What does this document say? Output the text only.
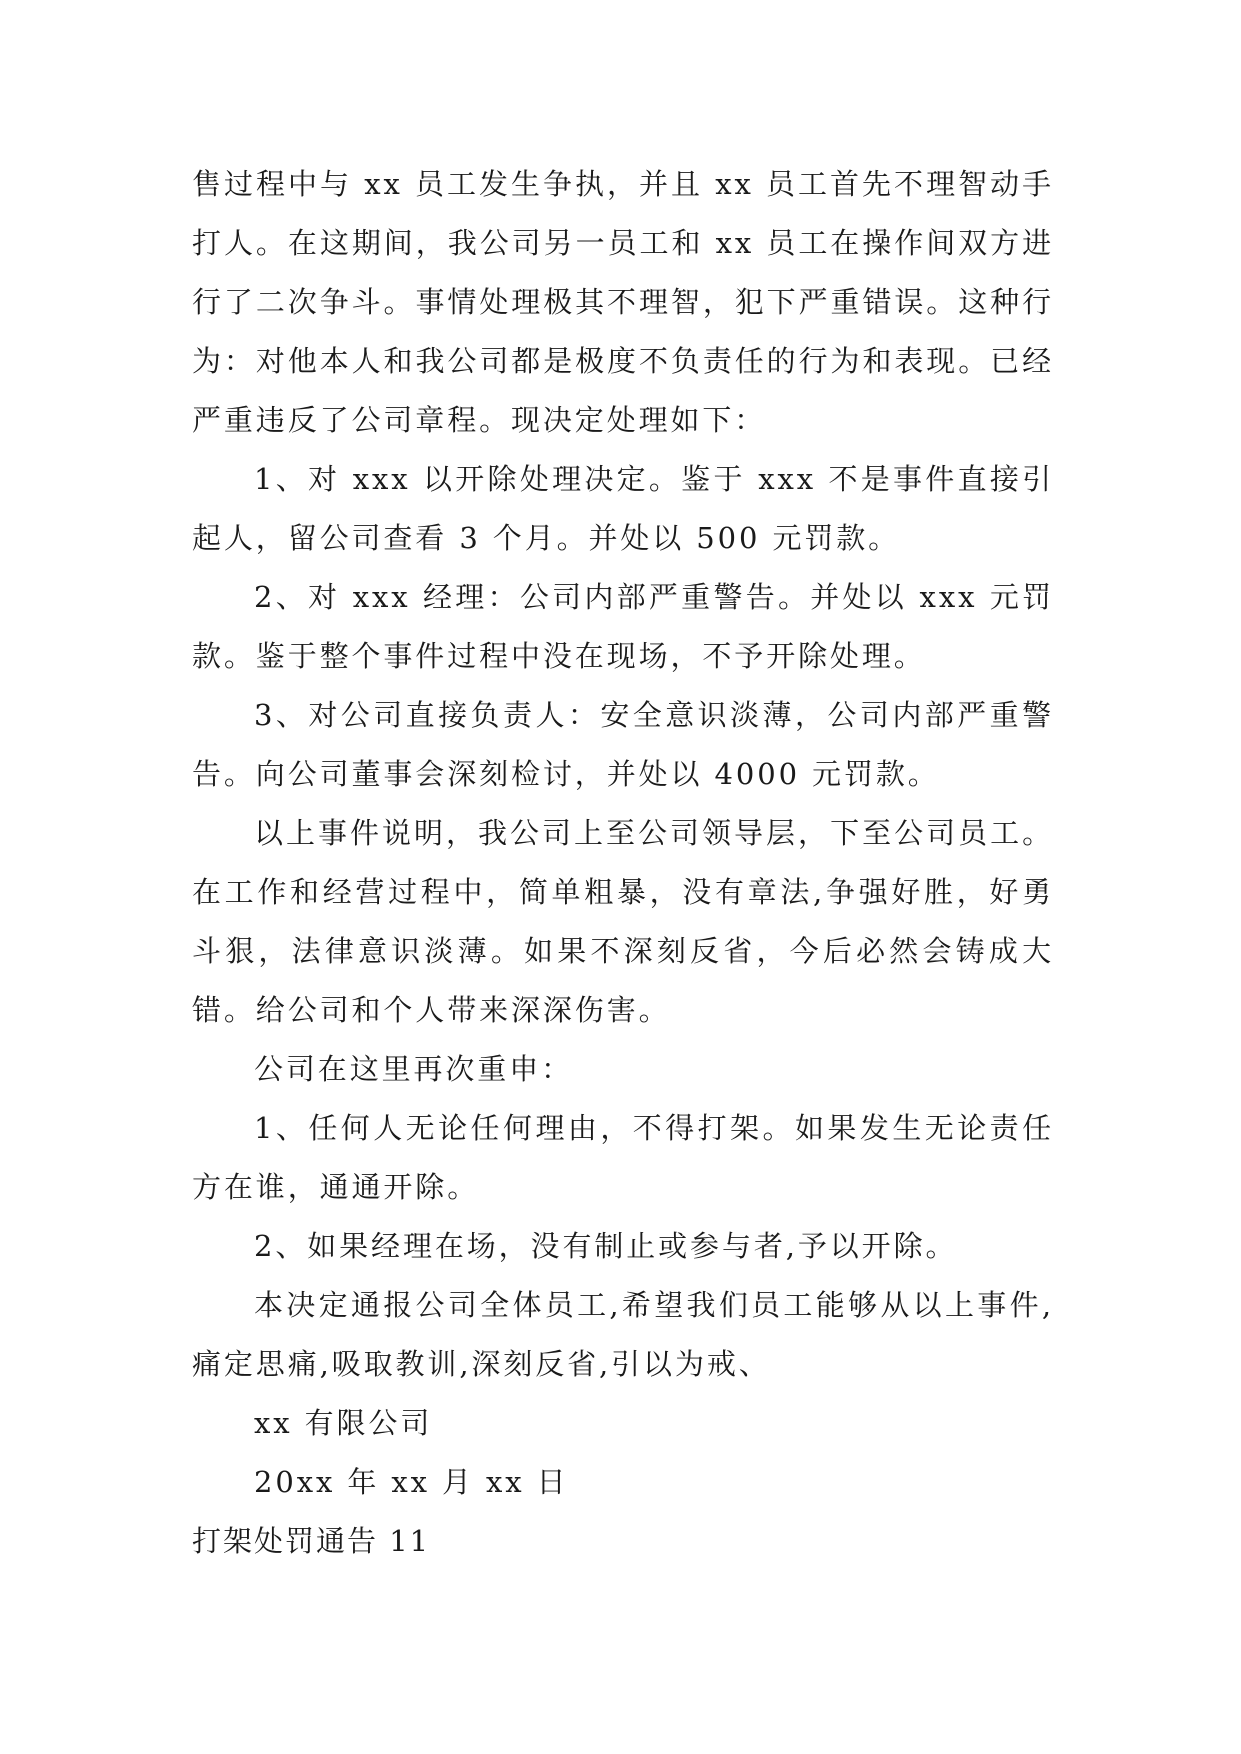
售过程中与 xx 员工发生争执，并且 xx 员工首先不理智动手打人。在这期间，我公司另一员工和 xx 员工在操作间双方进行了二次争斗。事情处理极其不理智，犯下严重错误。这种行为：对他本人和我公司都是极度不负责任的行为和表现。已经严重违反了公司章程。现决定处理如下：

1、对 xxx 以开除处理决定。鉴于 xxx 不是事件直接引起人，留公司查看 3 个月。并处以 500 元罚款。

2、对 xxx 经理：公司内部严重警告。并处以 xxx 元罚款。鉴于整个事件过程中没在现场，不予开除处理。

3、对公司直接负责人：安全意识淡薄，公司内部严重警告。向公司董事会深刻检讨，并处以 4000 元罚款。

以上事件说明，我公司上至公司领导层，下至公司员工。在工作和经营过程中，简单粗暴，没有章法,争强好胜，好勇斗狠，法律意识淡薄。如果不深刻反省，今后必然会铸成大错。给公司和个人带来深深伤害。

公司在这里再次重申：

1、任何人无论任何理由，不得打架。如果发生无论责任方在谁，通通开除。

2、如果经理在场，没有制止或参与者,予以开除。

本决定通报公司全体员工,希望我们员工能够从以上事件,痛定思痛,吸取教训,深刻反省,引以为戒、

xx 有限公司

20xx 年 xx 月 xx 日

打架处罚通告 11
